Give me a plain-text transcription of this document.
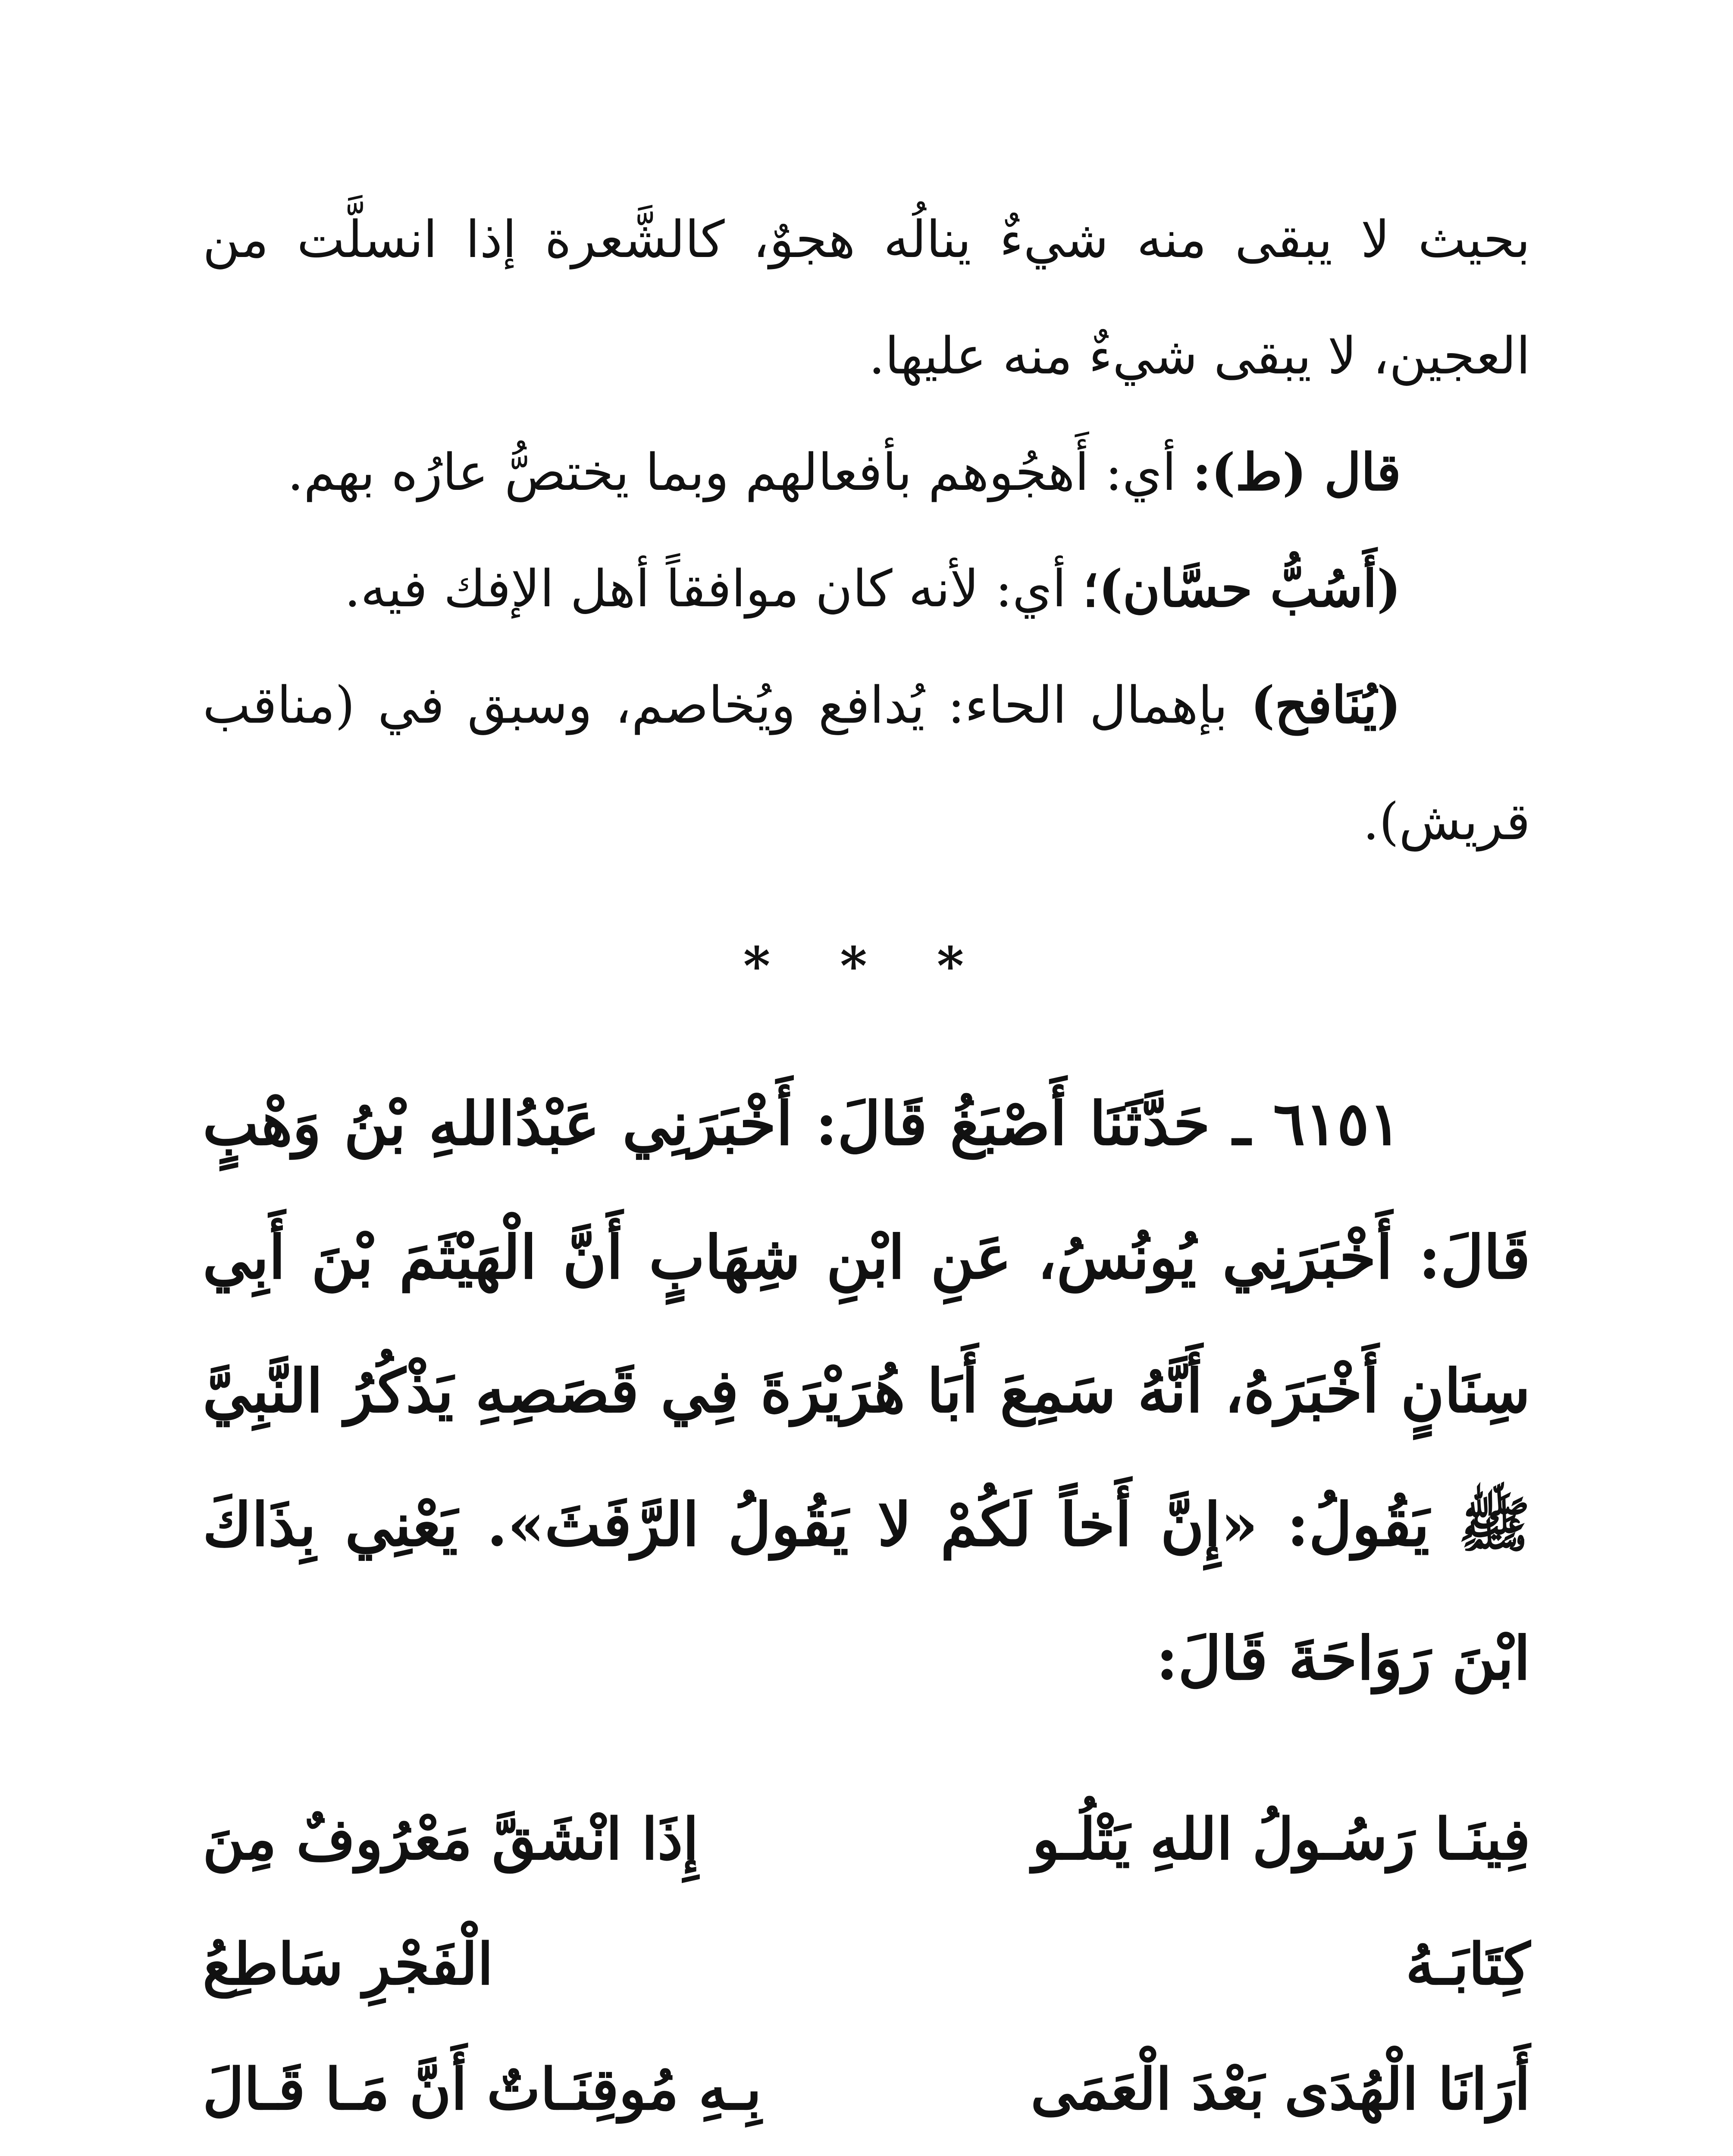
بحيث لا يبقى منه شيءٌ ينالُه هجوٌ، كالشَّعرة إذا انسلَّت من العجين، لا يبقى شيءٌ منه عليها.

قال (ط): أي: أَهجُوهم بأفعالهم وبما يختصُّ عارُه بهم.

(أَسُبُّ حسَّان)؛ أي: لأنه كان موافقاً أهل الإفك فيه.

(يُنَافح) بإهمال الحاء: يُدافع ويُخاصم، وسبق في (مناقب قريش).

* * *

٦١٥١ ـ حَدَّثَنَا أَصْبَغُ قَالَ: أَخْبَرَنِي عَبْدُاللهِ بْنُ وَهْبٍ قَالَ: أَخْبَرَنِي يُونُسُ، عَنِ ابْنِ شِهَابٍ أَنَّ الْهَيْثَمَ بْنَ أَبِي سِنَانٍ أَخْبَرَهُ، أَنَّهُ سَمِعَ أَبَا هُرَيْرَةَ فِي قَصَصِهِ يَذْكُرُ النَّبِيَّ ﷺ يَقُولُ: «إِنَّ أَخاً لَكُمْ لا يَقُولُ الرَّفَثَ». يَعْنِي بِذَاكَ ابْنَ رَوَاحَةَ قَالَ:

فِينَـا رَسُـولُ اللهِ يَتْلُـو كِتَابَـهُ
إِذَا انْشَقَّ مَعْرُوفٌ مِنَ الْفَجْرِ سَاطِعُ
أَرَانَا الْهُدَى بَعْدَ الْعَمَى
بِـهِ مُوقِنَـاتٌ أَنَّ مَـا قَـالَ
